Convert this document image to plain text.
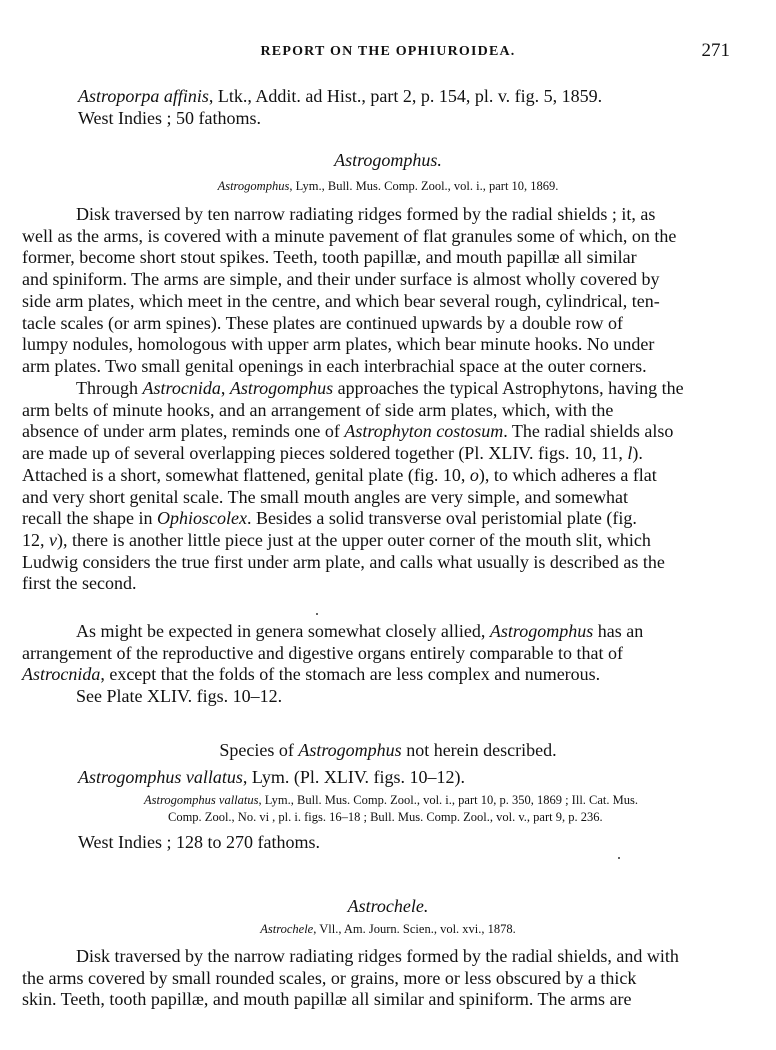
REPORT ON THE OPHIUROIDEA.	271

Astroporpa affinis, Ltk., Addit. ad Hist., part 2, p. 154, pl. v. fig. 5, 1859.

West Indies ; 50 fathoms.

Astrogomphus.

Astrogomphus, Lym., Bull. Mus. Comp. Zool., vol. i., part 10, 1869.

Disk traversed by ten narrow radiating ridges formed by the radial shields ; it, as

well as the arms, is covered with a minute pavement of flat granules some of which, on the

former, become short stout spikes. Teeth, tooth papillæ, and mouth papillæ all similar

and spiniform. The arms are simple, and their under surface is almost wholly covered by

side arm plates, which meet in the centre, and which bear several rough, cylindrical, ten-

tacle scales (or arm spines). These plates are continued upwards by a double row of

lumpy nodules, homologous with upper arm plates, which bear minute hooks. No under

arm plates. Two small genital openings in each interbrachial space at the outer corners.

Through Astrocnida, Astrogomphus approaches the typical Astrophytons, having the

arm belts of minute hooks, and an arrangement of side arm plates, which, with the

absence of under arm plates, reminds one of Astrophyton costosum. The radial shields also

are made up of several overlapping pieces soldered together (Pl. XLIV. figs. 10, 11, l).

Attached is a short, somewhat flattened, genital plate (fig. 10, o), to which adheres a flat

and very short genital scale. The small mouth angles are very simple, and somewhat

recall the shape in Ophioscolex. Besides a solid transverse oval peristomial plate (fig.

12, v), there is another little piece just at the upper outer corner of the mouth slit, which

Ludwig considers the true first under arm plate, and calls what usually is described as the

first the second.

As might be expected in genera somewhat closely allied, Astrogomphus has an

arrangement of the reproductive and digestive organs entirely comparable to that of

Astrocnida, except that the folds of the stomach are less complex and numerous.

See Plate XLIV. figs. 10–12.

Species of Astrogomphus not herein described.

Astrogomphus vallatus, Lym. (Pl. XLIV. figs. 10–12).

Astrogomphus vallatus, Lym., Bull. Mus. Comp. Zool., vol. i., part 10, p. 350, 1869 ; Ill. Cat. Mus.

Comp. Zool., No. vi , pl. i. figs. 16–18 ; Bull. Mus. Comp. Zool., vol. v., part 9, p. 236.

West Indies ; 128 to 270 fathoms.

Astrochele.

Astrochele, Vll., Am. Journ. Scien., vol. xvi., 1878.

Disk traversed by the narrow radiating ridges formed by the radial shields, and with

the arms covered by small rounded scales, or grains, more or less obscured by a thick

skin. Teeth, tooth papillæ, and mouth papillæ all similar and spiniform. The arms are
